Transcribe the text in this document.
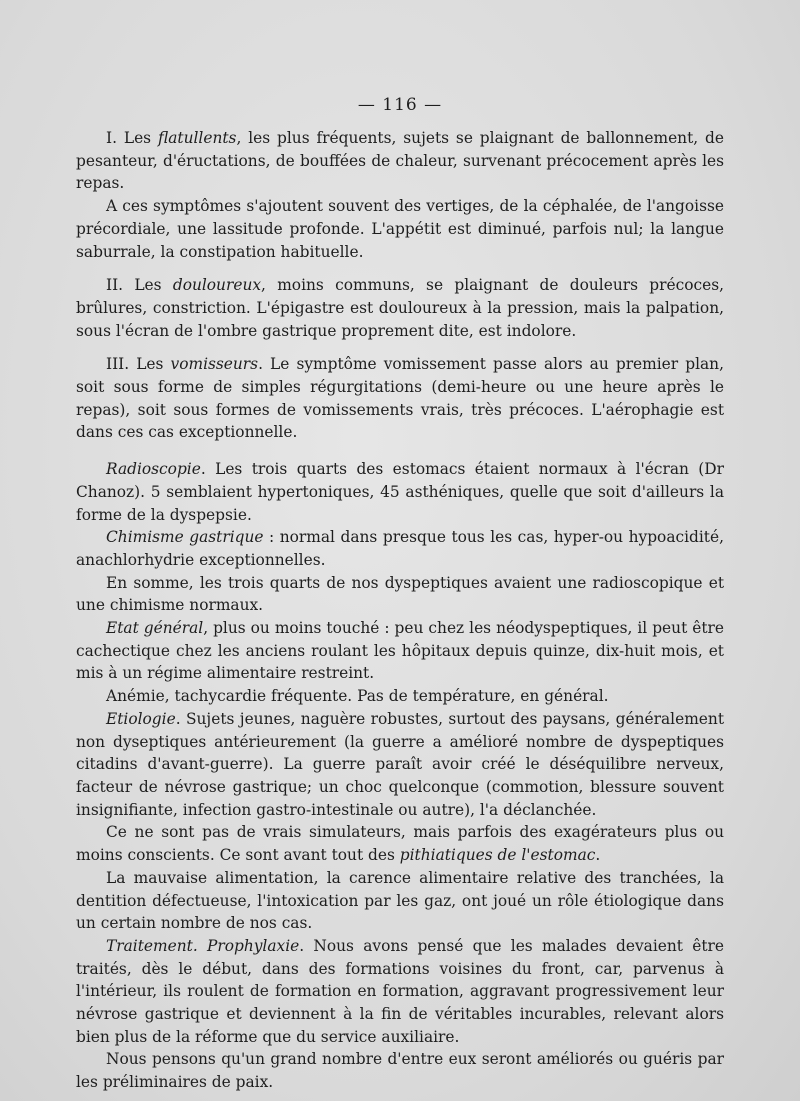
— 116 —

I. Les flatullents, les plus fréquents, sujets se plaignant de ballonnement, de pesanteur, d'éructations, de bouffées de chaleur, survenant précocement après les repas.

A ces symptômes s'ajoutent souvent des vertiges, de la céphalée, de l'angoisse précordiale, une lassitude profonde. L'appétit est diminué, parfois nul; la langue saburrale, la constipation habituelle.

II. Les douloureux, moins communs, se plaignant de douleurs précoces, brûlures, constriction. L'épigastre est douloureux à la pression, mais la palpation, sous l'écran de l'ombre gastrique proprement dite, est indolore.

III. Les vomisseurs. Le symptôme vomissement passe alors au premier plan, soit sous forme de simples régurgitations (demi-heure ou une heure après le repas), soit sous formes de vomissements vrais, très précoces. L'aérophagie est dans ces cas exceptionnelle.

Radioscopie. Les trois quarts des estomacs étaient normaux à l'écran (Dr Chanoz). 5 semblaient hypertoniques, 45 asthéniques, quelle que soit d'ailleurs la forme de la dyspepsie.

Chimisme gastrique : normal dans presque tous les cas, hyper-ou hypoacidité, anachlorhydrie exceptionnelles.

En somme, les trois quarts de nos dyspeptiques avaient une radioscopique et une chimisme normaux.

Etat général, plus ou moins touché : peu chez les néodyspeptiques, il peut être cachectique chez les anciens roulant les hôpitaux depuis quinze, dix-huit mois, et mis à un régime alimentaire restreint.

Anémie, tachycardie fréquente. Pas de température, en général.

Etiologie. Sujets jeunes, naguère robustes, surtout des paysans, généralement non dyseptiques antérieurement (la guerre a amélioré nombre de dyspeptiques citadins d'avant-guerre). La guerre paraît avoir créé le déséquilibre nerveux, facteur de névrose gastrique; un choc quelconque (commotion, blessure souvent insignifiante, infection gastro-intestinale ou autre), l'a déclanchée.

Ce ne sont pas de vrais simulateurs, mais parfois des exagérateurs plus ou moins conscients. Ce sont avant tout des pithiatiques de l'estomac.

La mauvaise alimentation, la carence alimentaire relative des tranchées, la dentition défectueuse, l'intoxication par les gaz, ont joué un rôle étiologique dans un certain nombre de nos cas.

Traitement. Prophylaxie. Nous avons pensé que les malades devaient être traités, dès le début, dans des formations voisines du front, car, parvenus à l'intérieur, ils roulent de formation en formation, aggravant progressivement leur névrose gastrique et deviennent à la fin de véritables incurables, relevant alors bien plus de la réforme que du service auxiliaire.

Nous pensons qu'un grand nombre d'entre eux seront améliorés ou guéris par les préliminaires de paix.
